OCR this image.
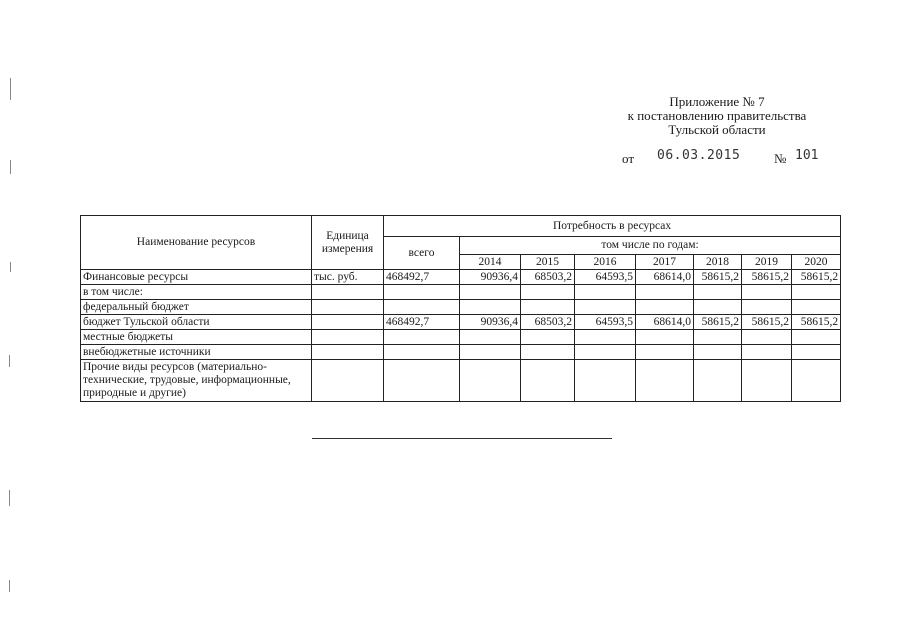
Приложение № 7
к постановлению правительства
Тульской области
от 06.03.2015	№ 101
Наименование ресурсов	Единица измерения	Потребность в ресурсах							
		всего	том числе по годам:						
			2014	2015	2016	2017	2018	2019	2020
Финансовые ресурсы	тыс. руб.	468492,7	90936,4	68503,2	64593,5	68614,0	58615,2	58615,2	58615,2
в том числе:									
федеральный бюджет									
бюджет Тульской области		468492,7	90936,4	68503,2	64593,5	68614,0	58615,2	58615,2	58615,2
местные бюджеты									
внебюджетные источники									
Прочие виды ресурсов (материально-технические, трудовые, информационные, природные и другие)									
